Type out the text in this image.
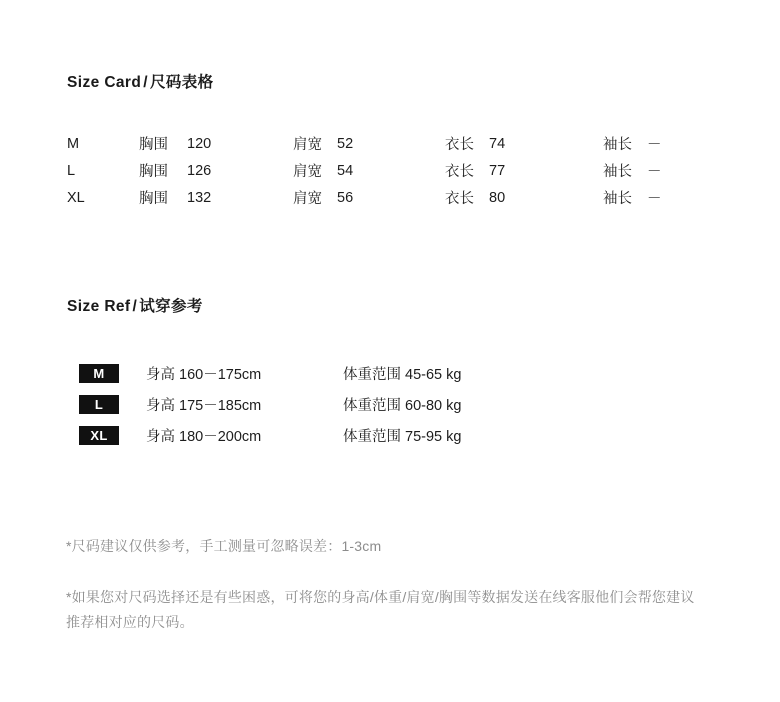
Size Card / 尺码表格
M	胸围	120	肩宽	52	衣长	74	袖长	－
L	胸围	126	肩宽	54	衣长	77	袖长	－
XL	胸围	132	肩宽	56	衣长	80	袖长	－
Size Ref / 试穿参考
M	身高 160－175cm	体重范围 45-65 kg
L	身高 175－185cm	体重范围 60-80 kg
XL	身高 180－200cm	体重范围 75-95 kg
*尺码建议仅供参考，手工测量可忽略误差：1-3cm
*如果您对尺码选择还是有些困惑，可将您的身高/体重/肩宽/胸围等数据发送在线客服他们会帮您建议推荐相对应的尺码。
